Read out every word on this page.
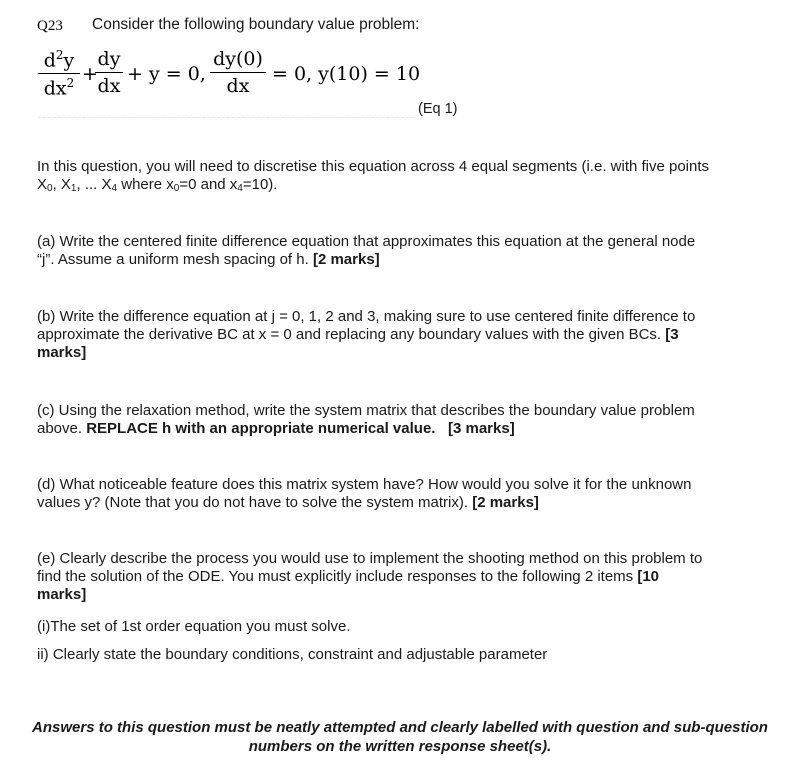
Q23 Consider the following boundary value problem:
$d^2y$
$dx^2$ +
dy
dx
+ y = 0,
dy(0)
dx
= 0, y(10) = 10
(Eq 1)

In this question, you will need to discretise this equation across 4 equal segments (i.e. with five points
$X_0$, $X_1$, ... $X_4$ where $x_0=0$ and $x_4=10$).

(a) Write the centered finite difference equation that approximates this equation at the general node
“j”. Assume a uniform mesh spacing of h. [2 marks]

(b) Write the difference equation at j = 0, 1, 2 and 3, making sure to use centered finite difference to
approximate the derivative BC at x = 0 and replacing any boundary values with the given BCs. [3
marks]

(c) Using the relaxation method, write the system matrix that describes the boundary value problem
above. REPLACE h with an appropriate numerical value. [3 marks]

(d) What noticeable feature does this matrix system have? How would you solve it for the unknown
values y? (Note that you do not have to solve the system matrix). [2 marks]

(e) Clearly describe the process you would use to implement the shooting method on this problem to
find the solution of the ODE. You must explicitly include responses to the following 2 items [10
marks]

(i)The set of 1st order equation you must solve.

ii) Clearly state the boundary conditions, constraint and adjustable parameter

Answers to this question must be neatly attempted and clearly labelled with question and sub-question
numbers on the written response sheet(s).
